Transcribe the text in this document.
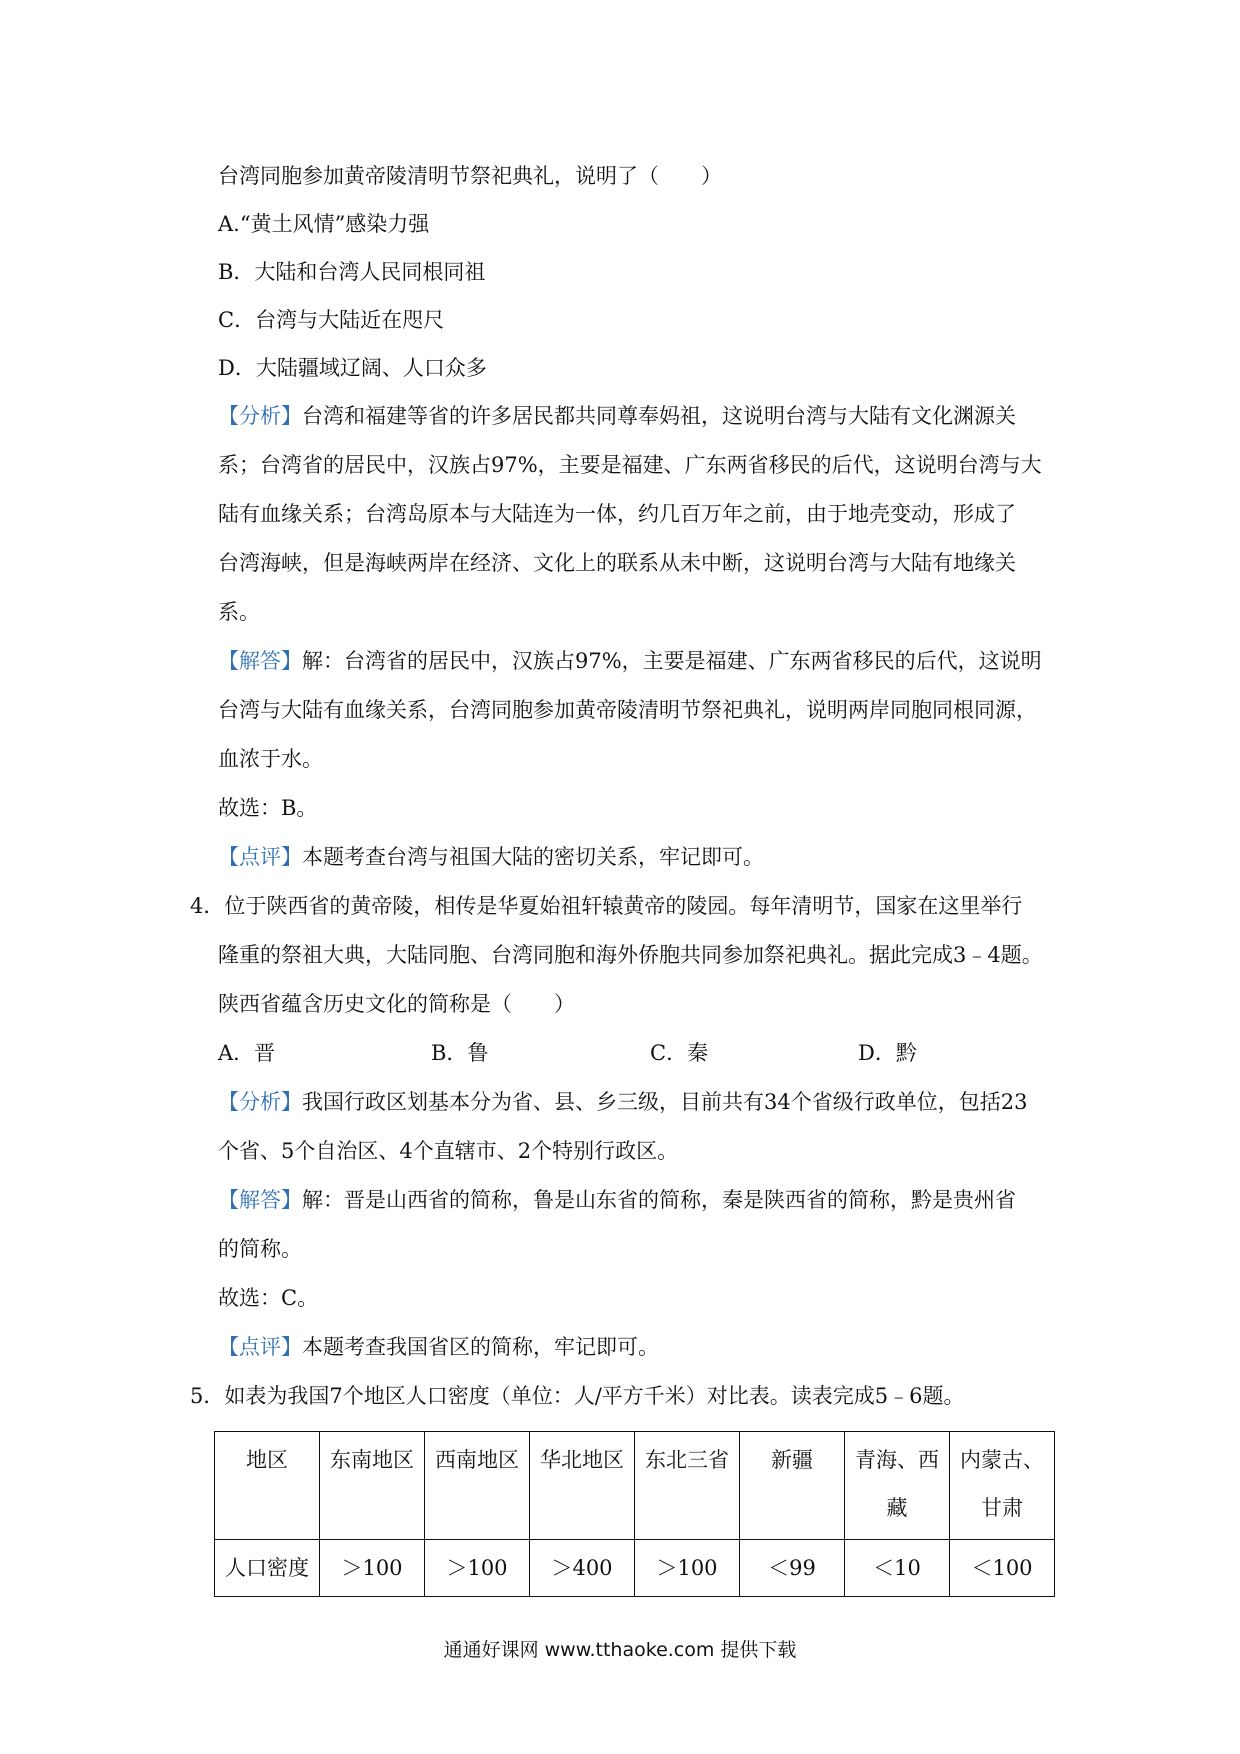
台湾同胞参加黄帝陵清明节祭祀典礼，说明了（　　）
A.“黄土风情”感染力强
B．大陆和台湾人民同根同祖
C．台湾与大陆近在咫尺
D．大陆疆域辽阔、人口众多
【分析】台湾和福建等省的许多居民都共同尊奉妈祖，这说明台湾与大陆有文化渊源关
系；台湾省的居民中，汉族占97%，主要是福建、广东两省移民的后代，这说明台湾与大
陆有血缘关系；台湾岛原本与大陆连为一体，约几百万年之前，由于地壳变动，形成了
台湾海峡，但是海峡两岸在经济、文化上的联系从未中断，这说明台湾与大陆有地缘关
系。
【解答】解：台湾省的居民中，汉族占97%，主要是福建、广东两省移民的后代，这说明
台湾与大陆有血缘关系，台湾同胞参加黄帝陵清明节祭祀典礼，说明两岸同胞同根同源，
血浓于水。
故选：B。
【点评】本题考查台湾与祖国大陆的密切关系，牢记即可。
4．位于陕西省的黄帝陵，相传是华夏始祖轩辕黄帝的陵园。每年清明节，国家在这里举行
隆重的祭祖大典，大陆同胞、台湾同胞和海外侨胞共同参加祭祀典礼。据此完成3﹣4题。
陕西省蕴含历史文化的简称是（　　）
A．晋	B．鲁	C．秦	D．黔
【分析】我国行政区划基本分为省、县、乡三级，目前共有34个省级行政单位，包括23
个省、5个自治区、4个直辖市、2个特别行政区。
【解答】解：晋是山西省的简称，鲁是山东省的简称，秦是陕西省的简称，黔是贵州省
的简称。
故选：C。
【点评】本题考查我国省区的简称，牢记即可。
5．如表为我国7个地区人口密度（单位：人/平方千米）对比表。读表完成5﹣6题。
地区	东南地区	西南地区	华北地区	东北三省	新疆	青海、西藏	内蒙古、甘肃
人口密度	＞100	＞100	＞400	＞100	＜99	＜10	＜100
通通好课网 www.tthaoke.com 提供下载
